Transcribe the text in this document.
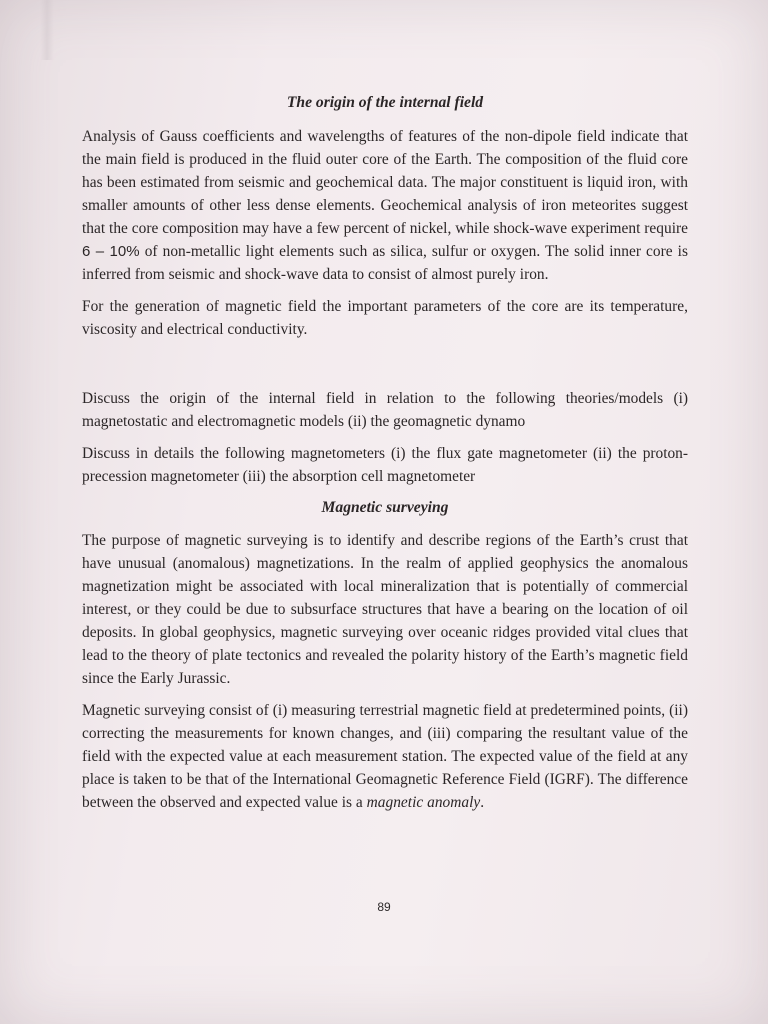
The origin of the internal field

Analysis of Gauss coefficients and wavelengths of features of the non-dipole field indicate that the main field is produced in the fluid outer core of the Earth. The composition of the fluid core has been estimated from seismic and geochemical data. The major constituent is liquid iron, with smaller amounts of other less dense elements. Geochemical analysis of iron meteorites suggest that the core composition may have a few percent of nickel, while shock-wave experiment require 6 – 10% of non-metallic light elements such as silica, sulfur or oxygen. The solid inner core is inferred from seismic and shock-wave data to consist of almost purely iron.

For the generation of magnetic field the important parameters of the core are its temperature, viscosity and electrical conductivity.

Discuss the origin of the internal field in relation to the following theories/models (i) magnetostatic and electromagnetic models (ii) the geomagnetic dynamo

Discuss in details the following magnetometers (i) the flux gate magnetometer (ii) the proton-precession magnetometer (iii) the absorption cell magnetometer

Magnetic surveying

The purpose of magnetic surveying is to identify and describe regions of the Earth’s crust that have unusual (anomalous) magnetizations. In the realm of applied geophysics the anomalous magnetization might be associated with local mineralization that is potentially of commercial interest, or they could be due to subsurface structures that have a bearing on the location of oil deposits. In global geophysics, magnetic surveying over oceanic ridges provided vital clues that lead to the theory of plate tectonics and revealed the polarity history of the Earth’s magnetic field since the Early Jurassic.

Magnetic surveying consist of (i) measuring terrestrial magnetic field at predetermined points, (ii) correcting the measurements for known changes, and (iii) comparing the resultant value of the field with the expected value at each measurement station. The expected value of the field at any place is taken to be that of the International Geomagnetic Reference Field (IGRF). The difference between the observed and expected value is a magnetic anomaly.

89
